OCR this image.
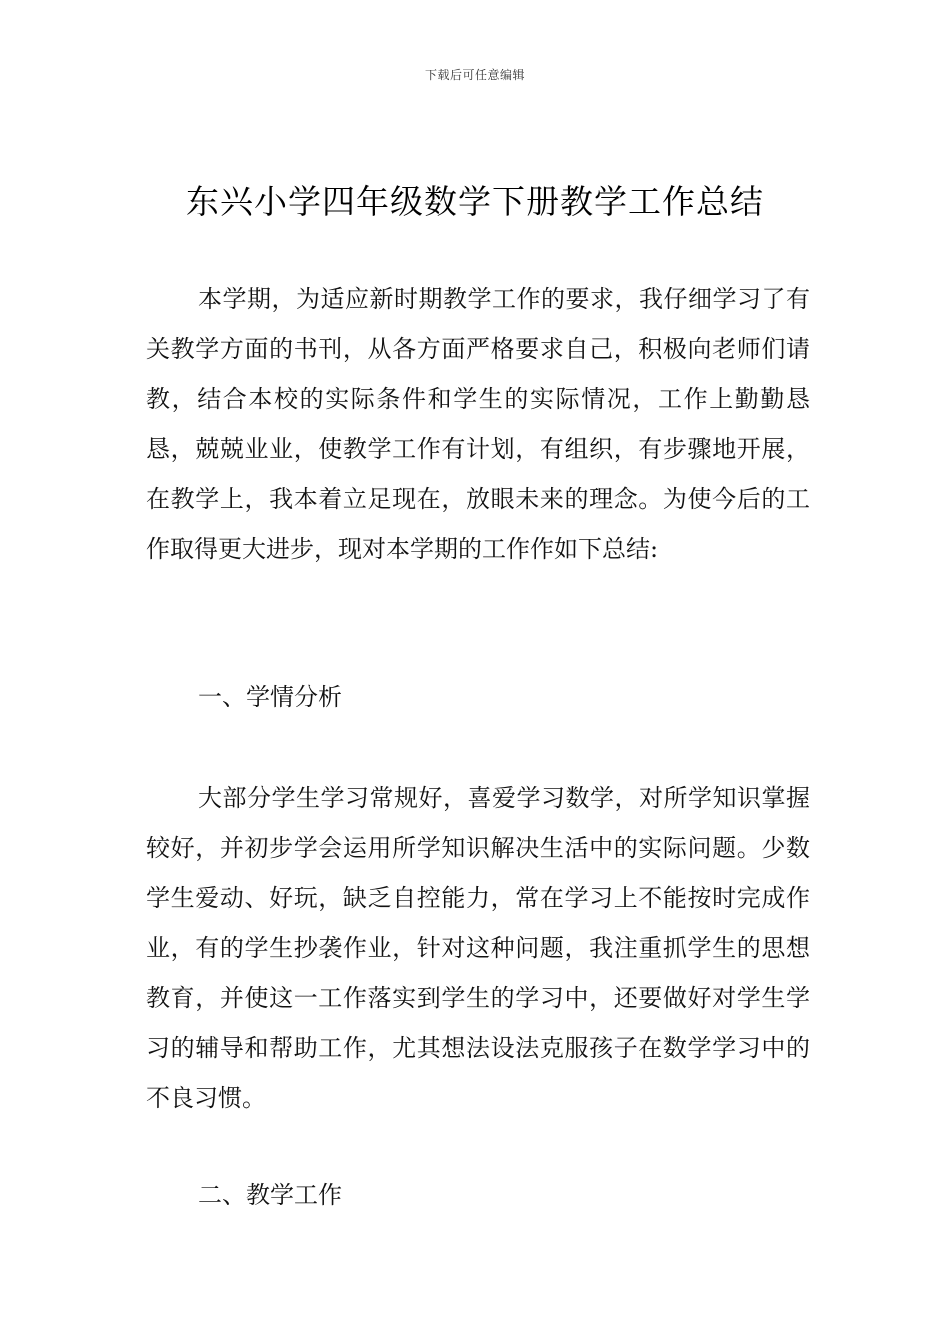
下载后可任意编辑
东兴小学四年级数学下册教学工作总结

本学期，为适应新时期教学工作的要求，我仔细学习了有关教学方面的书刊，从各方面严格要求自己，积极向老师们请教，结合本校的实际条件和学生的实际情况，工作上勤勤恳恳，兢兢业业，使教学工作有计划，有组织，有步骤地开展，在教学上，我本着立足现在，放眼未来的理念。为使今后的工作取得更大进步，现对本学期的工作作如下总结:

一、学情分析

大部分学生学习常规好，喜爱学习数学，对所学知识掌握较好，并初步学会运用所学知识解决生活中的实际问题。少数学生爱动、好玩，缺乏自控能力，常在学习上不能按时完成作业，有的学生抄袭作业，针对这种问题，我注重抓学生的思想教育，并使这一工作落实到学生的学习中，还要做好对学生学习的辅导和帮助工作，尤其想法设法克服孩子在数学学习中的不良习惯。

二、教学工作
